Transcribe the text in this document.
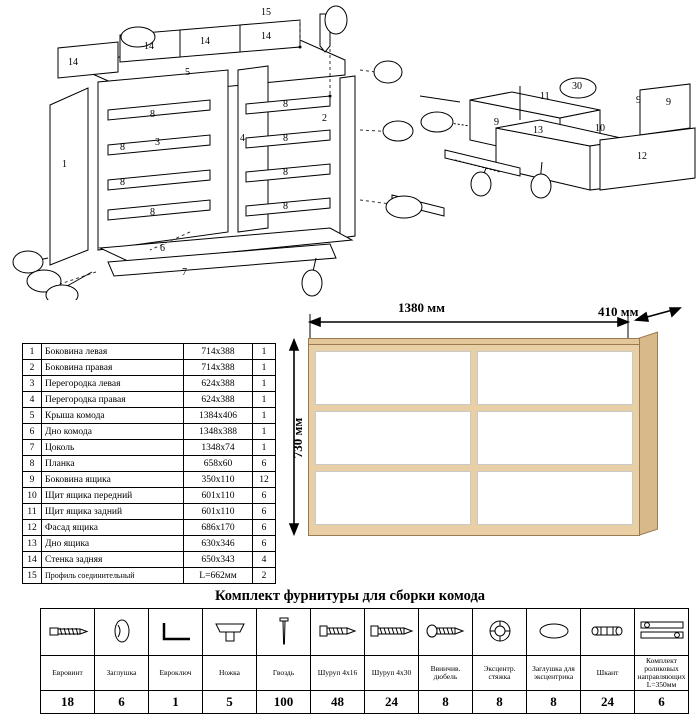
15
14	14	14
14
5
1
3	4
2
6
7
8
8
8
8
8
8
8
8
11	9
9
13	10
12
9
30
1	Боковина левая	714х388	1
2	Боковина правая	714х388	1
3	Перегородка левая	624х388	1
4	Перегородка правая	624х388	1
5	Крыша комода	1384х406	1
6	Дно комода	1348х388	1
7	Цоколь	1348х74	1
8	Планка	658х60	6
9	Боковина ящика	350х110	12
10	Щит ящика передний	601х110	6
11	Щит ящика задний	601х110	6
12	Фасад ящика	686х170	6
13	Дно ящика	630х346	6
14	Стенка задняя	650х343	4
15	Профиль соединительный	L=662мм	2
1380 мм	410 мм
730 мм
Комплект фурнитуры для сборки комода

Евровинт	Заглушка	Евроключ	Ножка	Гвоздь	Шуруп 4х16	Шуруп 4х30	Ввинчив. дюбель	Эксцентр. стяжка	Заглушка для эксцентрика	Шкант	Комплект роликовых направляющих L=350мм
18	6	1	5	100	48	24	8	8	8	24	6
